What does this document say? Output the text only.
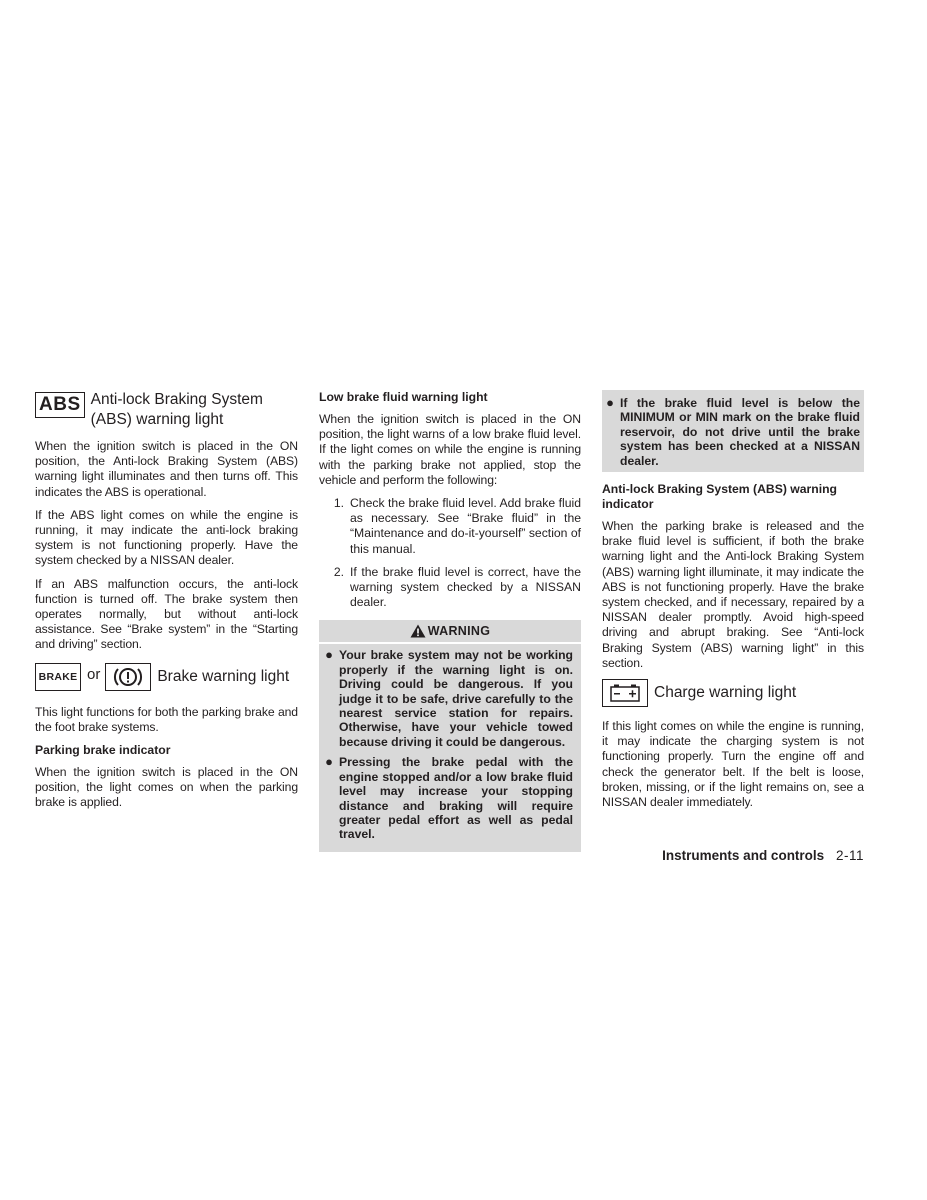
ABS Anti-lock Braking System
(ABS) warning light

When the ignition switch is placed in the ON position, the Anti-lock Braking System (ABS) warning light illuminates and then turns off. This indicates the ABS is operational.

If the ABS light comes on while the engine is running, it may indicate the anti-lock braking system is not functioning properly. Have the system checked by a NISSAN dealer.

If an ABS malfunction occurs, the anti-lock function is turned off. The brake system then operates normally, but without anti-lock assistance. See “Brake system” in the “Starting and driving” section.

BRAKE or	Brake warning light

This light functions for both the parking brake and the foot brake systems.

Parking brake indicator

When the ignition switch is placed in the ON position, the light comes on when the parking brake is applied.

Low brake fluid warning light

When the ignition switch is placed in the ON position, the light warns of a low brake fluid level. If the light comes on while the engine is running with the parking brake not applied, stop the vehicle and perform the following:

1. Check the brake fluid level. Add brake fluid as necessary. See “Brake fluid” in the “Maintenance and do-it-yourself” section of this manual.
2. If the brake fluid level is correct, have the warning system checked by a NISSAN dealer.
WARNING
● Your brake system may not be working properly if the warning light is on. Driving could be dangerous. If you judge it to be safe, drive carefully to the nearest service station for repairs. Otherwise, have your vehicle towed because driving it could be dangerous.
● Pressing the brake pedal with the engine stopped and/or a low brake fluid level may increase your stopping distance and braking will require greater pedal effort as well as pedal travel.
● If the brake fluid level is below the MINIMUM or MIN mark on the brake fluid reservoir, do not drive until the brake system has been checked at a NISSAN dealer.
Anti-lock Braking System (ABS) warning indicator

When the parking brake is released and the brake fluid level is sufficient, if both the brake warning light and the Anti-lock Braking System (ABS) warning light illuminate, it may indicate the ABS is not functioning properly. Have the brake system checked, and if necessary, repaired by a NISSAN dealer promptly. Avoid high-speed driving and abrupt braking. See “Anti-lock Braking System (ABS) warning light” in this section.

Charge warning light

If this light comes on while the engine is running, it may indicate the charging system is not functioning properly. Turn the engine off and check the generator belt. If the belt is loose, broken, missing, or if the light remains on, see a NISSAN dealer immediately.

Instruments and controls 2-11
